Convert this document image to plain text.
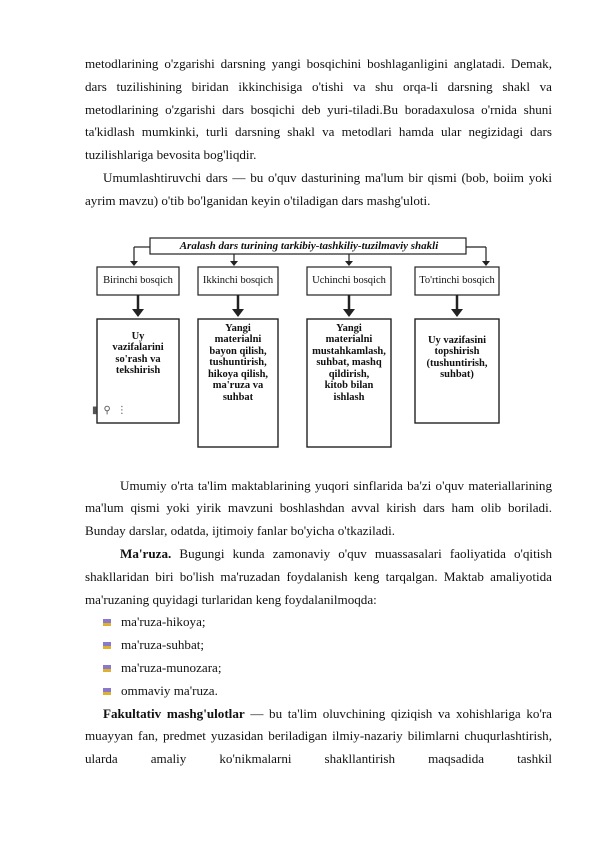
metodlarining o'zgarishi darsning yangi bosqichini boshlaganligini anglatadi. Demak, dars tuzilishining biridan ikkinchisiga o'tishi va shu orqa-li darsning shakl va metodlarining o'zgarishi dars bosqichi deb yuri-tiladi.Bu boradaxulosa o'rnida shuni ta'kidlash mumkinki, turli darsning shakl va metodlari hamda ular negizidagi dars tuzilishlariga bevosita bog'liqdir.

Umumlashtiruvchi dars — bu o'quv dasturining ma'lum bir qismi (bob, boiim yoki ayrim mavzu) o'tib bo'lganidan keyin o'tiladigan dars mashg'uloti.

Aralash dars turining tarkibiy-tashkiliy-tuzilmaviy shakli
Birinchi bosqich	Ikkinchi bosqich	Uchinchi bosqich	To'rtinchi bosqich
Uy
vazifalarini
so'rash va
tekshirish
Yangi
materialni
bayon qilish,
tushuntirish,
hikoya qilish,
ma'ruza va
suhbat
Yangi
materialni
mustahkamlash,
suhbat, mashq
qildirish,
kitob bilan
ishlash
Uy vazifasini
topshirish
(tushuntirish,
suhbat)
▮ ⚲ ⋮

Umumiy o'rta ta'lim maktablarining yuqori sinflarida ba'zi o'quv materiallarining ma'lum qismi yoki yirik mavzuni boshlashdan avval kirish dars ham olib boriladi. Bunday darslar, odatda, ijtimoiy fanlar bo'yicha o'tkaziladi.

Ma'ruza. Bugungi kunda zamonaviy o'quv muassasalari faoliyatida o'qitish shakllaridan biri bo'lish ma'ruzadan foydalanish keng tarqalgan. Maktab amaliyotida ma'ruzaning quyidagi turlaridan keng foydalanilmoqda:

ma'ruza-hikoya;
ma'ruza-suhbat;
ma'ruza-munozara;
ommaviy ma'ruza.

Fakultativ mashg'ulotlar — bu ta'lim oluvchining qiziqish va xohishlariga ko'ra muayyan fan, predmet yuzasidan beriladigan ilmiy-nazariy bilimlarni chuqurlashtirish, ularda amaliy ko'nikmalarni shakllantirish maqsadida tashkil
